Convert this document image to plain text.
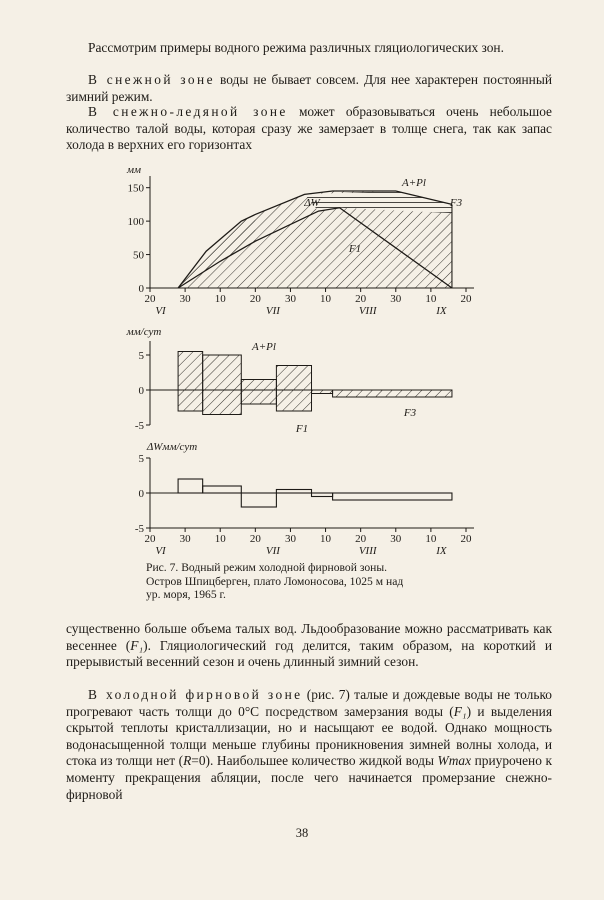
Рассмотрим примеры водного режима различных гляциологических зон.

В снежной зоне воды не бывает совсем. Для нее характерен постоянный зимний режим.

В снежно-ледяной зоне может образовываться очень небольшое количество талой воды, которая сразу же замерзает в толще снега, так как запас холода в верхних его горизонтах

150
100
50
0
мм
20 30 10 20 30 10 20 30 10 20
VI	VII	VIII	IX
A+Pl
ΔW	F3
F1
5
0
-5
мм/сут
A+Pl
F1
F3
5
0
-5
ΔWмм/сут
20 30 10 20 30 10 20 30 10 20
VI	VII	VIII	IX
Рис. 7. Водный режим холодной фирновой зоны.
Остров Шпицберген, плато Ломоносова, 1025 м над
ур. моря, 1965 г.

существенно больше объема талых вод. Льдообразование можно рассматривать как весеннее (F₁). Гляциологический год делится, таким образом, на короткий и прерывистый весенний сезон и очень длинный зимний сезон.

В холодной фирновой зоне (рис. 7) талые и дождевые воды не только прогревают часть толщи до 0°С посредством замерзания воды (F₁) и выделения скрытой теплоты кристаллизации, но и насыщают ее водой. Однако мощность водонасыщенной толщи меньше глубины проникновения зимней волны холода, и стока из толщи нет (R=0). Наибольшее количество жидкой воды Wmax приурочено к моменту прекращения абляции, после чего начинается промерзание снежно-фирновой

38
